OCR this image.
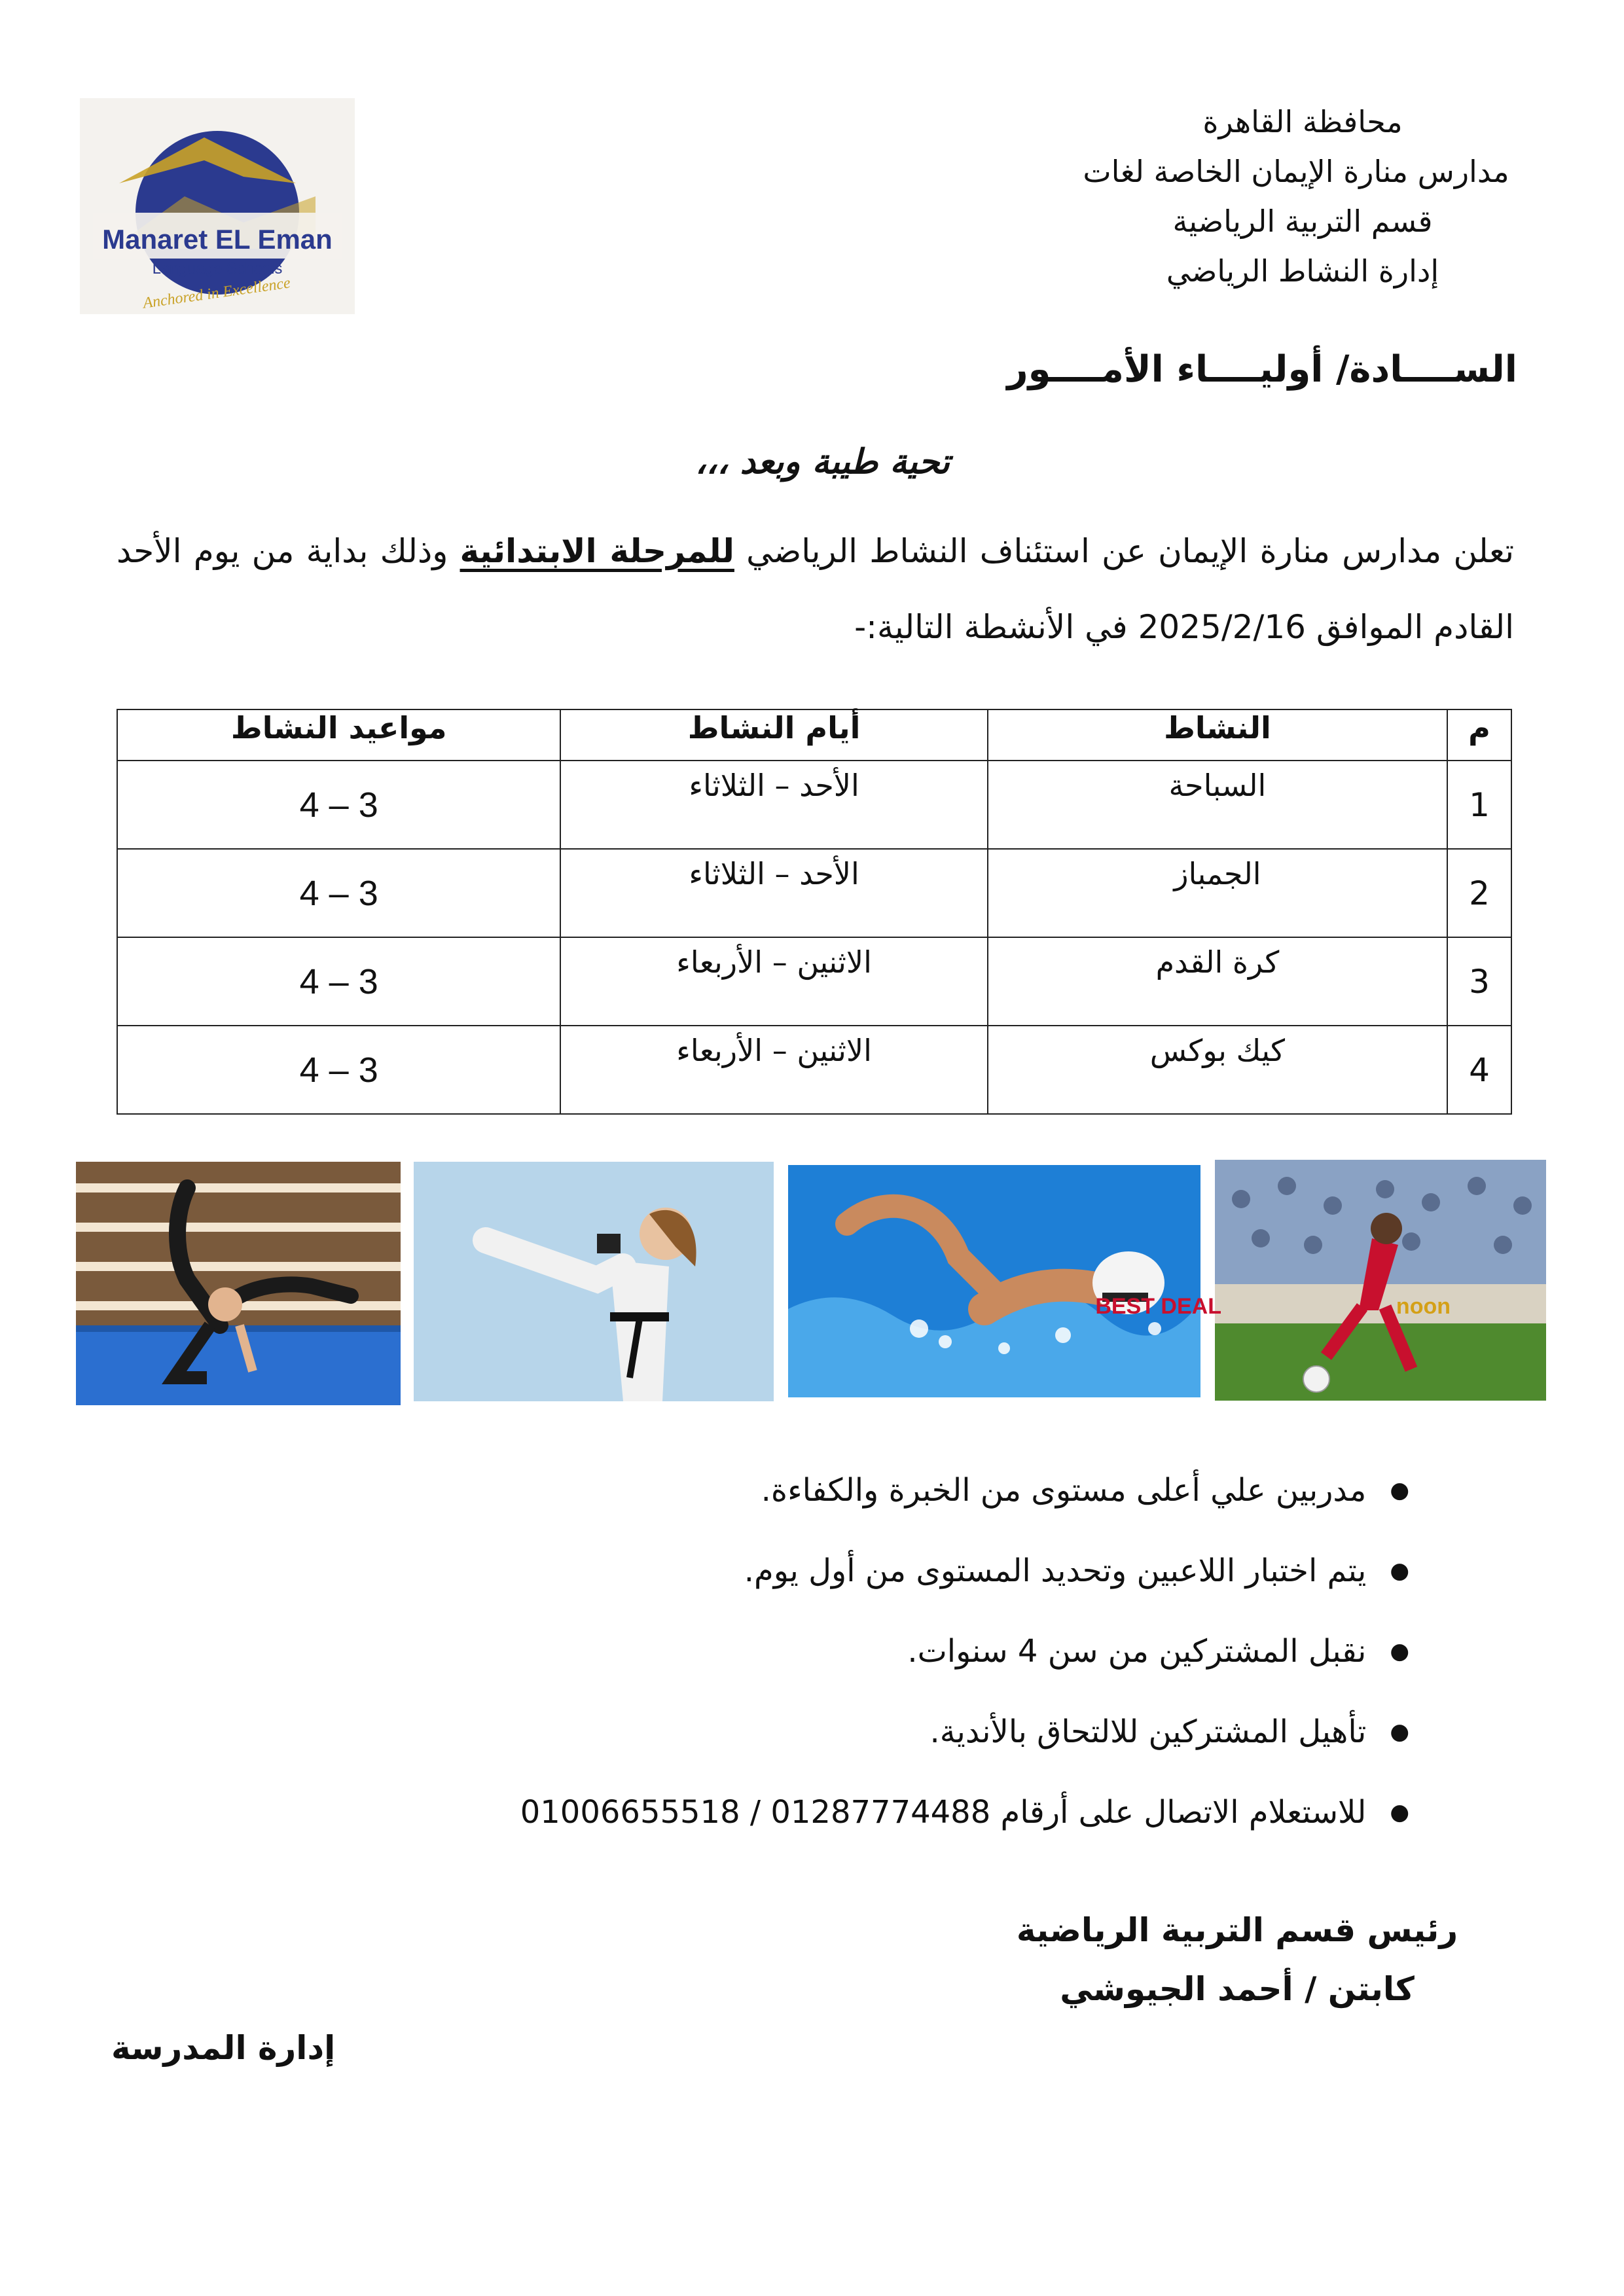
Manaret EL Eman
Language Schools
Anchored in Excellence
محافظة القاهرة
مدارس منارة الإيمان الخاصة لغات
قسم التربية الرياضية
إدارة النشاط الرياضي
الســــادة/ أوليــــاء الأمــــور
تحية طيبة وبعد ،،،
تعلن مدارس منارة الإيمان عن استئناف النشاط الرياضي للمرحلة الابتدائية وذلك بداية من يوم الأحد القادم الموافق 2025/2/16 في الأنشطة التالية:-
م	النشاط	أيام النشاط	مواعيد النشاط
1	السباحة	الأحد – الثلاثاء	3 – 4
2	الجمباز	الأحد – الثلاثاء	3 – 4
3	كرة القدم	الاثنين – الأربعاء	3 – 4
4	كيك بوكس	الاثنين – الأربعاء	3 – 4
BEST DEAL	noon
●
مدربين علي أعلى مستوى من الخبرة والكفاءة.
●
يتم اختبار اللاعبين وتحديد المستوى من أول يوم.
●
نقبل المشتركين من سن 4 سنوات.
●
تأهيل المشتركين للالتحاق بالأندية.
●
للاستعلام الاتصال على أرقام 01287774488 / 01006655518
رئيس قسم التربية الرياضية
كابتن / أحمد الجيوشي
إدارة المدرسة
